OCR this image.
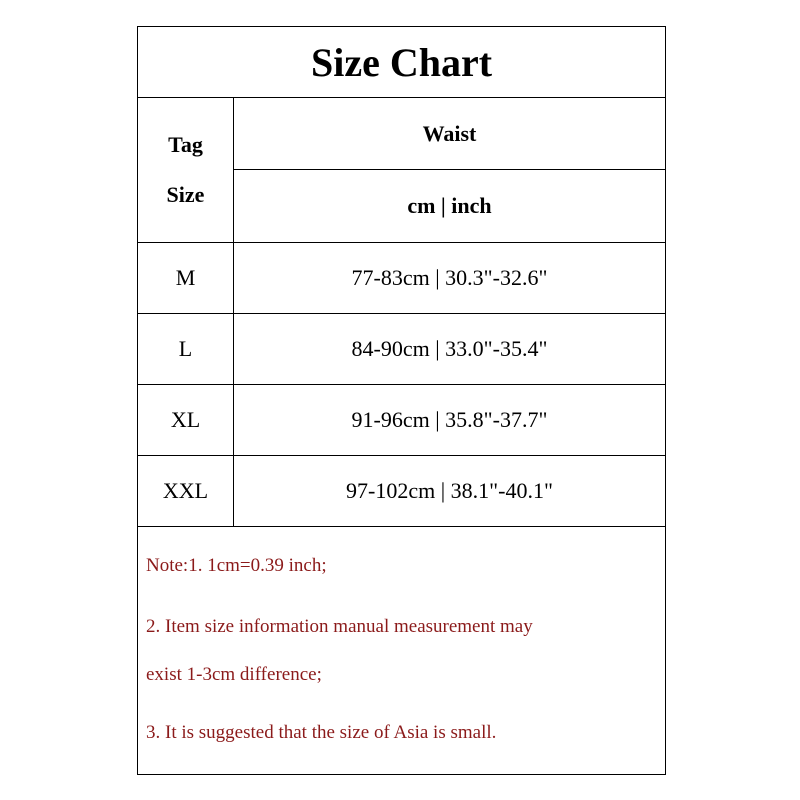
Size Chart
Tag
Size
Waist
cm | inch
M	77-83cm | 30.3"-32.6"
L	84-90cm | 33.0"-35.4"
XL	91-96cm | 35.8"-37.7"
XXL	97-102cm | 38.1"-40.1"
Note:1. 1cm=0.39 inch;
2. Item size information manual measurement may
exist 1-3cm difference;
3. It is suggested that the size of Asia is small.
